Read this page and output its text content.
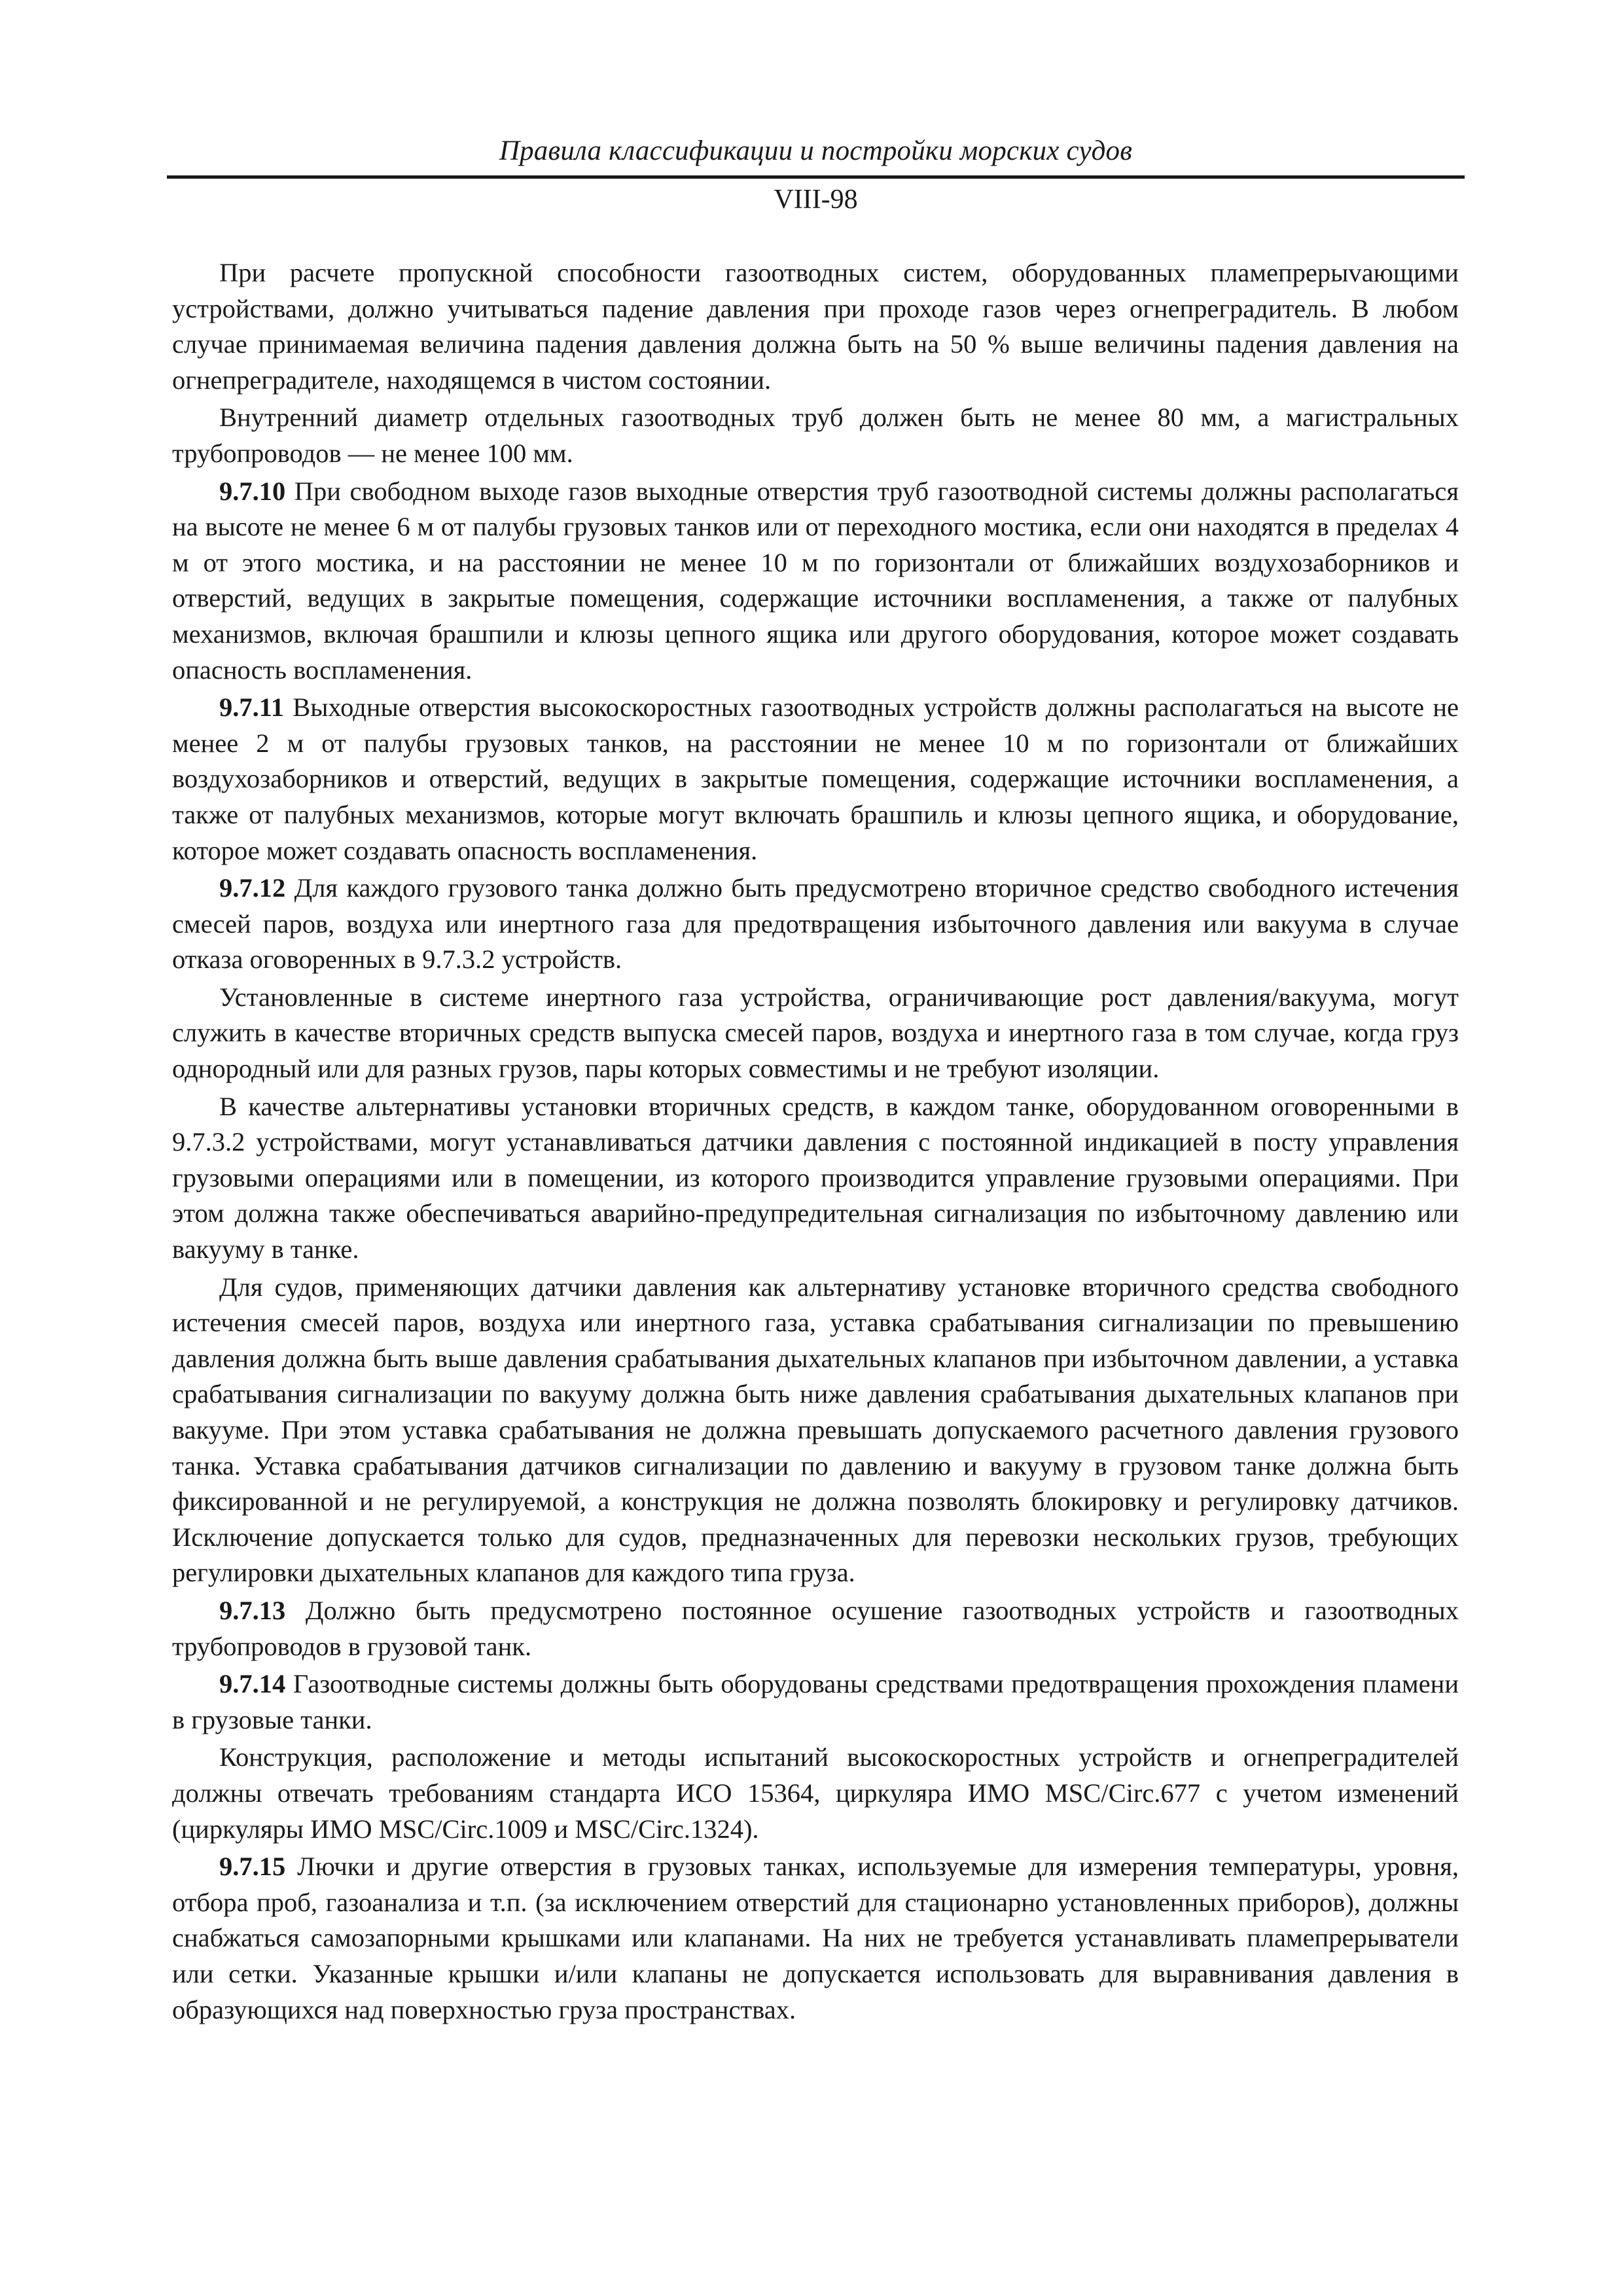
Правила классификации и постройки морских судов
VIII-98

При расчете пропускной способности газоотводных систем, оборудованных пламепрерыvающими устройствами, должно учитываться падение давления при проходе газов через огнепреградитель. В любом случае принимаемая величина падения давления должна быть на 50 % выше величины падения давления на огнепреградителе, находящемся в чистом состоянии.

Внутренний диаметр отдельных газоотводных труб должен быть не менее 80 мм, а магистральных трубопроводов — не менее 100 мм.

9.7.10 При свободном выходе газов выходные отверстия труб газоотводной системы должны располагаться на высоте не менее 6 м от палубы грузовых танков или от переходного мостика, если они находятся в пределах 4 м от этого мостика, и на расстоянии не менее 10 м по горизонтали от ближайших воздухозаборников и отверстий, ведущих в закрытые помещения, содержащие источники воспламенения, а также от палубных механизмов, включая брашпили и клюзы цепного ящика или другого оборудования, которое может создавать опасность воспламенения.

9.7.11 Выходные отверстия высокоскоростных газоотводных устройств должны располагаться на высоте не менее 2 м от палубы грузовых танков, на расстоянии не менее 10 м по горизонтали от ближайших воздухозаборников и отверстий, ведущих в закрытые помещения, содержащие источники воспламенения, а также от палубных механизмов, которые могут включать брашпиль и клюзы цепного ящика, и оборудование, которое может создавать опасность воспламенения.

9.7.12 Для каждого грузового танка должно быть предусмотрено вторичное средство свободного истечения смесей паров, воздуха или инертного газа для предотвращения избыточного давления или вакуума в случае отказа оговоренных в 9.7.3.2 устройств.

Установленные в системе инертного газа устройства, ограничивающие рост давления/вакуума, могут служить в качестве вторичных средств выпуска смесей паров, воздуха и инертного газа в том случае, когда груз однородный или для разных грузов, пары которых совместимы и не требуют изоляции.

В качестве альтернативы установки вторичных средств, в каждом танке, оборудованном оговоренными в 9.7.3.2 устройствами, могут устанавливаться датчики давления с постоянной индикацией в посту управления грузовыми операциями или в помещении, из которого производится управление грузовыми операциями. При этом должна также обеспечиваться аварийно-предупредительная сигнализация по избыточному давлению или вакууму в танке.

Для судов, применяющих датчики давления как альтернативу установке вторичного средства свободного истечения смесей паров, воздуха или инертного газа, уставка срабатывания сигнализации по превышению давления должна быть выше давления срабатывания дыхательных клапанов при избыточном давлении, а уставка срабатывания сигнализации по вакууму должна быть ниже давления срабатывания дыхательных клапанов при вакууме. При этом уставка срабатывания не должна превышать допускаемого расчетного давления грузового танка. Уставка срабатывания датчиков сигнализации по давлению и вакууму в грузовом танке должна быть фиксированной и не регулируемой, а конструкция не должна позволять блокировку и регулировку датчиков. Исключение допускается только для судов, предназначенных для перевозки нескольких грузов, требующих регулировки дыхательных клапанов для каждого типа груза.

9.7.13 Должно быть предусмотрено постоянное осушение газоотводных устройств и газоотводных трубопроводов в грузовой танк.

9.7.14 Газоотводные системы должны быть оборудованы средствами предотвращения прохождения пламени в грузовые танки.

Конструкция, расположение и методы испытаний высокоскоростных устройств и огнепреградителей должны отвечать требованиям стандарта ИСО 15364, циркуляра ИМО MSC/Circ.677 с учетом изменений (циркуляры ИМО MSC/Circ.1009 и MSC/Circ.1324).

9.7.15 Лючки и другие отверстия в грузовых танках, используемые для измерения температуры, уровня, отбора проб, газоанализа и т.п. (за исключением отверстий для стационарно установленных приборов), должны снабжаться самозапорными крышками или клапанами. На них не требуется устанавливать пламепрерыватели или сетки. Указанные крышки и/или клапаны не допускается использовать для выравнивания давления в образующихся над поверхностью груза пространствах.
